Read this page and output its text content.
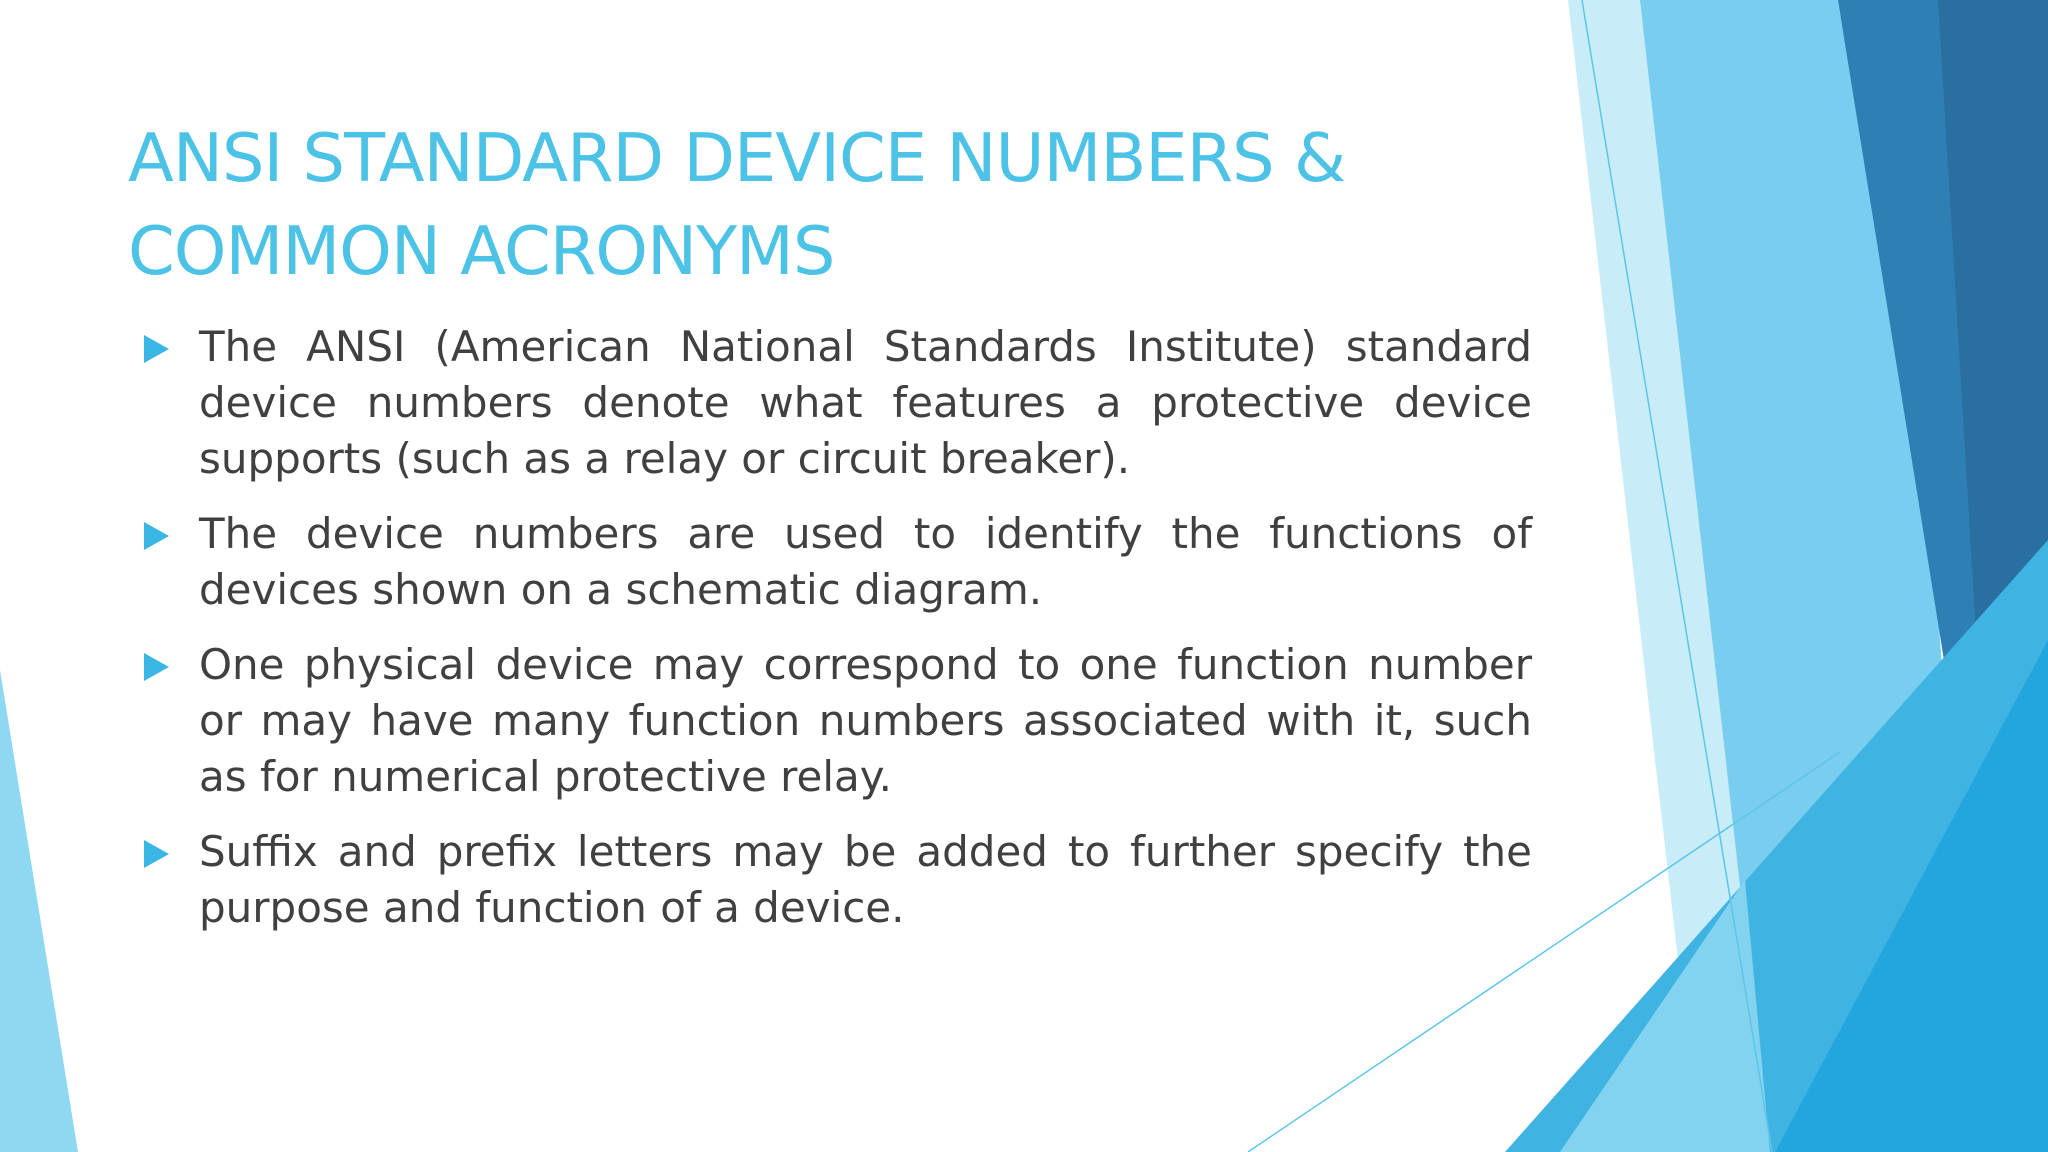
ANSI STANDARD DEVICE NUMBERS &
COMMON ACRONYMS
The ANSI (American National Standards Institute) standard device numbers denote what features a protective device supports (such as a relay or circuit breaker).
The device numbers are used to identify the functions of devices shown on a schematic diagram.
One physical device may correspond to one function number or may have many function numbers associated with it, such as for numerical protective relay.
Suffix and prefix letters may be added to further specify the purpose and function of a device.
